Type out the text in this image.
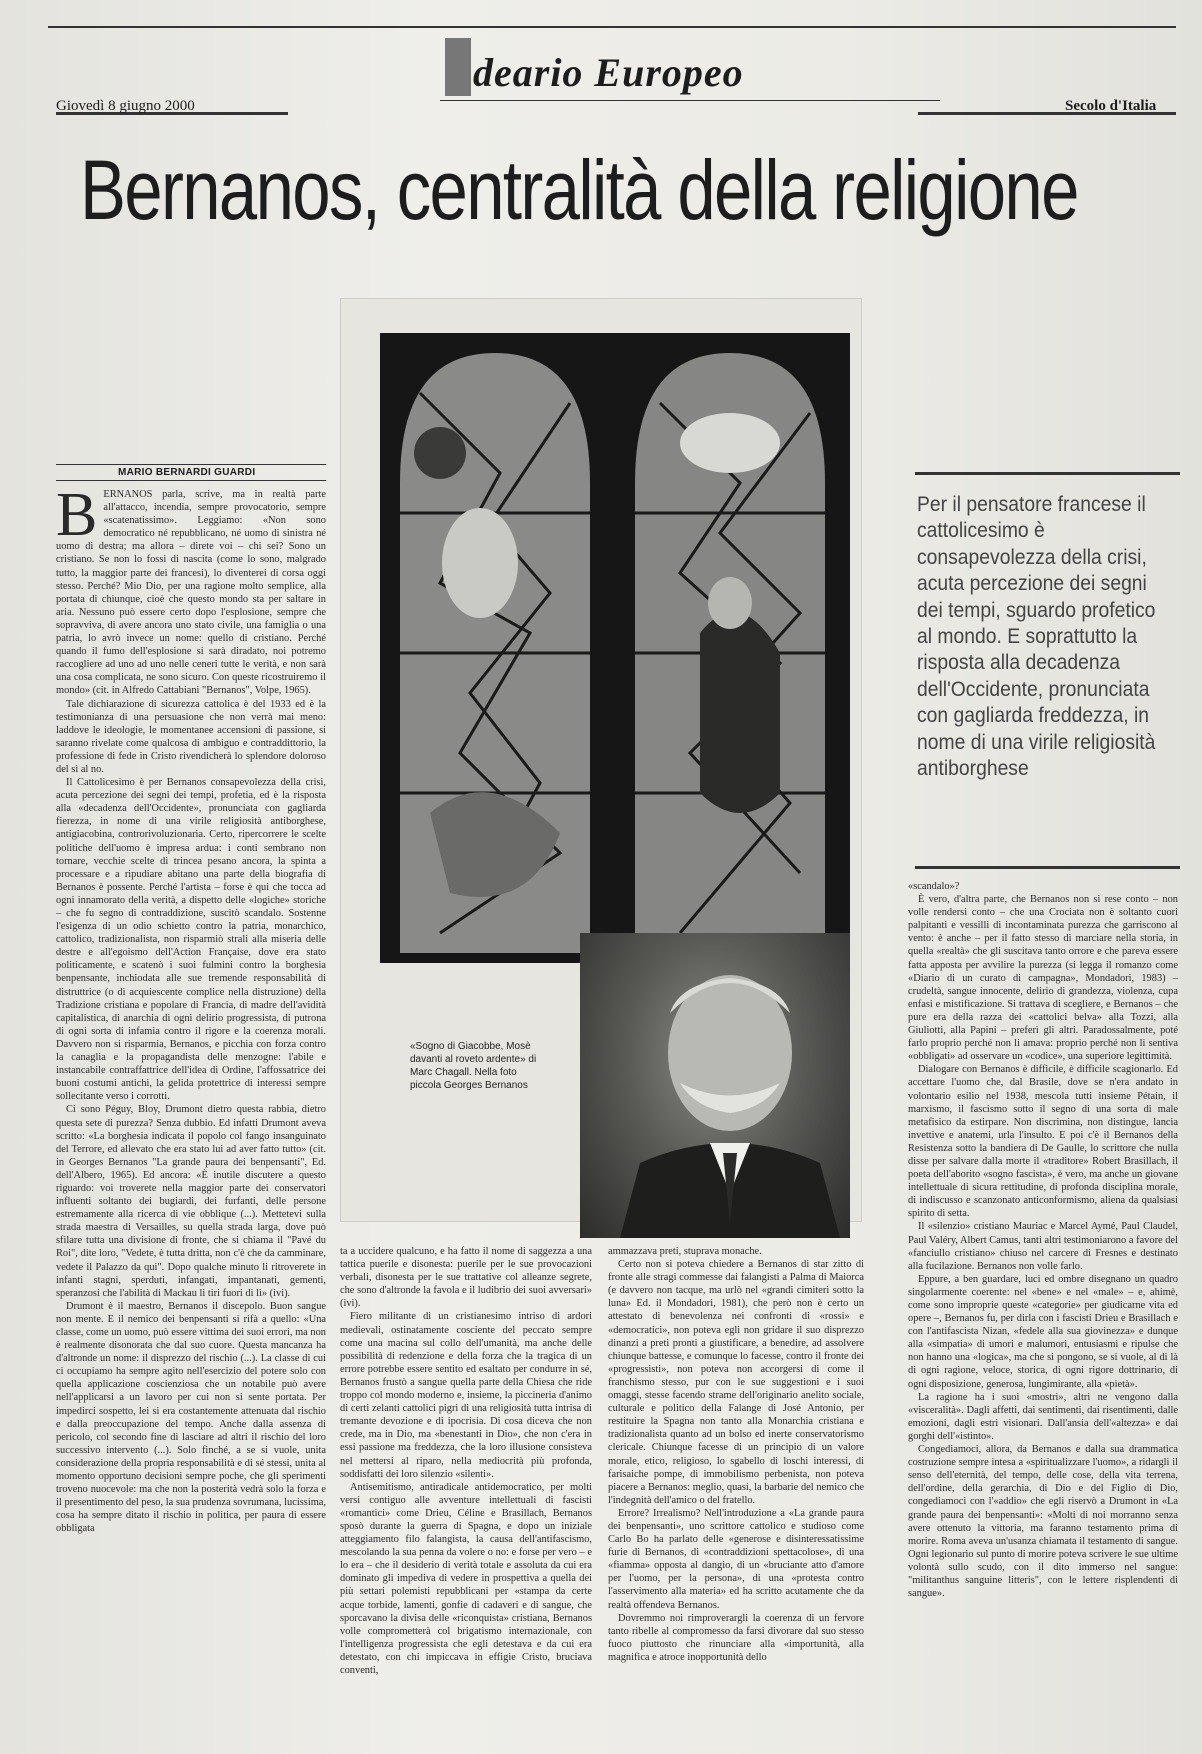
deario Europeo
Giovedì 8 giugno 2000	Secolo d'Italia
Bernanos, centralità della religione
MARIO BERNARDI GUARDI
B ERNANOS parla, scrive, ma in realtà parte all'attacco, incendia, sempre provocatorio, sempre «scatenatissimo». Leggiamo: «Non sono democratico né repubblicano, né uomo di sinistra né uomo di destra; ma allora – direte voi – chi sei? Sono un cristiano. Se non lo fossi di nascita (come lo sono, malgrado tutto, la maggior parte dei francesi), lo diventerei di corsa oggi stesso. Perché? Mio Dio, per una ragione molto semplice, alla portata di chiunque, cioè che questo mondo sta per saltare in aria. Nessuno può essere certo dopo l'esplosione, sempre che sopravviva, di avere ancora uno stato civile, una famiglia o una patria, lo avrò invece un nome: quello di cristiano. Perché quando il fumo dell'esplosione si sarà diradato, noi potremo raccogliere ad uno ad uno nelle ceneri tutte le verità, e non sarà una cosa complicata, ne sono sicuro. Con queste ricostruiremo il mondo» (cit. in Alfredo Cattabiani "Bernanos", Volpe, 1965).

Tale dichiarazione di sicurezza cattolica è del 1933 ed è la testimonianza di una persuasione che non verrà mai meno: laddove le ideologie, le momentanee accensioni di passione, si saranno rivelate come qualcosa di ambiguo e contraddittorio, la professione di fede in Cristo rivendicherà lo splendore doloroso del sì al no.

Il Cattolicesimo è per Bernanos consapevolezza della crisi, acuta percezione dei segni dei tempi, profetia, ed è la risposta alla «decadenza dell'Occidente», pronunciata con gagliarda fierezza, in nome di una virile religiosità antiborghese, antigiacobina, controrivoluzionaria. Certo, ripercorrere le scelte politiche dell'uomo è impresa ardua: i conti sembrano non tornare, vecchie scelte di trincea pesano ancora, la spinta a processare e a ripudiare abitano una parte della biografia di Bernanos è possente. Perché l'artista – forse è qui che tocca ad ogni innamorato della verità, a dispetto delle «logiche» storiche – che fu segno di contraddizione, suscitò scandalo. Sostenne l'esigenza di un odio schietto contro la patria, monarchico, cattolico, tradizionalista, non risparmiò strali alla miseria delle destre e all'egoismo dell'Action Française, dove era stato politicamente, e scatenò i suoi fulmini contro la borghesia benpensante, inchiodata alle sue tremende responsabilità di distruttrice (o di acquiescente complice nella distruzione) della Tradizione cristiana e popolare di Francia, di madre dell'avidità capitalistica, di anarchia di ogni delirio progressista, di putrona di ogni sorta di infamia contro il rigore e la coerenza morali. Davvero non si risparmia, Bernanos, e picchia con forza contro la canaglia e la propagandista delle menzogne: l'abile e instancabile contraffattrice dell'idea di Ordine, l'affossatrice dei buoni costumi antichi, la gelida protettrice di interessi sempre sollecitante verso i corrotti.

Ci sono Péguy, Bloy, Drumont dietro questa rabbia, dietro questa sete di purezza? Senza dubbio. Ed infatti Drumont aveva scritto: «La borghesia indicata il popolo col fango insanguinato del Terrore, ed allevato che era stato lui ad aver fatto tutto» (cit. in Georges Bernanos "La grande paura dei benpensanti", Ed. dell'Albero, 1965). Ed ancora: «È inutile discutere a questo riguardo: voi troverete nella maggior parte dei conservatori influenti soltanto dei bugiardi, dei furfanti, delle persone estremamente alla ricerca di vie obblique (...). Mettetevi sulla strada maestra di Versailles, su quella strada larga, dove può sfilare tutta una divisione di fronte, che si chiama il "Pavé du Roi", dite loro, "Vedete, è tutta dritta, non c'è che da camminare, vedete il Palazzo da qui". Dopo qualche minuto li ritroverete in infanti stagni, sperduti, infangati, impantanati, gementi, speranzosi che l'abilità di Mackau li tiri fuori di lì» (ivi).

Drumont è il maestro, Bernanos il discepolo. Buon sangue non mente. E il nemico dei benpensanti si rifà a quello: «Una classe, come un uomo, può essere vittima dei suoi errori, ma non è realmente disonorata che dal suo cuore. Questa mancanza ha d'altronde un nome: il disprezzo del rischio (...). La classe di cui ci occupiamo ha sempre agito nell'esercizio del potere solo con quella applicazione coscienziosa che un notabile può avere nell'applicarsi a un lavoro per cui non si sente portata. Per impedirci sospetto, lei si era costantemente attenuata dal rischio e dalla preoccupazione del tempo. Anche dalla assenza di pericolo, col secondo fine di lasciare ad altri il rischio del loro successivo intervento (...). Solo finché, a se si vuole, unita considerazione della propria responsabilità e di sé stessi, unita al momento opportuno decisioni sempre poche, che gli sperimenti troveno nuocevole: ma che non la posterità vedrà solo la forza e il presentimento del peso, la sua prudenza sovrumana, lucissima, cosa ha sempre ditato il rischio in politica, per paura di essere obbligata

«Sogno di Giacobbe, Mosè davanti al roveto ardente» di Marc Chagall. Nella foto piccola Georges Bernanos
Per il pensatore francese il cattolicesimo è consapevolezza della crisi, acuta percezione dei segni dei tempi, sguardo profetico al mondo. E soprattutto la risposta alla decadenza dell'Occidente, pronunciata con gagliarda freddezza, in nome di una virile religiosità antiborghese

ta a uccidere qualcuno, e ha fatto il nome di saggezza a una tattica puerile e disonesta: puerile per le sue provocazioni verbali, disonesta per le sue trattative col alleanze segrete, che sono d'altronde la favola e il ludibrio dei suoi avversari» (ivi).

Fiero militante di un cristianesimo intriso di ardori medievali, ostinatamente cosciente del peccato sempre come una macina sul collo dell'umanità, ma anche delle possibilità di redenzione e della forza che la tragica di un errore potrebbe essere sentito ed esaltato per condurre in sé, Bernanos frustò a sangue quella parte della Chiesa che ride troppo col mondo moderno e, insieme, la piccineria d'animo di certi zelanti cattolici pigri di una religiosità tutta intrisa di tremante devozione e di ipocrisia. Di cosa diceva che non crede, ma in Dio, ma «benestanti in Dio», che non c'era in essi passione ma freddezza, che la loro illusione consisteva nel mettersi al riparo, nella mediocrità più profonda, soddisfatti dei loro silenzio «silenti».

Antisemitismo, antiradicale antidemocratico, per molti versi contiguo alle avventure intellettuali di fascisti «romantici» come Drieu, Céline e Brasillach, Bernanos sposò durante la guerra di Spagna, e dopo un iniziale atteggiamento filo falangista, la causa dell'antifascismo, mescolando la sua penna da volere o no: e forse per vero – e lo era – che il desiderio di verità totale e assoluta da cui era dominato gli impediva di vedere in prospettiva a quella dei più settari polemisti repubblicani per «stampa da certe acque torbide, lamenti, gonfie di cadaveri e di sangue, che sporcavano la divisa delle «riconquista» cristiana, Bernanos volle comprometterà col brigatismo internazionale, con l'intelligenza progressista che egli detestava e da cui era detestato, con chi impiccava in effigie Cristo, bruciava conventi,

ammazzava preti, stuprava monache.

Certo non si poteva chiedere a Bernanos di star zitto di fronte alle stragi commesse dai falangisti a Palma di Maiorca (e davvero non tacque, ma urlò nel «grandi cimiteri sotto la luna» Ed. il Mondadori, 1981), che però non è certo un attestato di benevolenza nei confronti di «rossi» e «democratici», non poteva egli non gridare il suo disprezzo dinanzi a preti pronti a giustificare, a benedire, ad assolvere chiunque battesse, e comunque lo facesse, contro il fronte dei «progressisti», non poteva non accorgersi di come il franchismo stesso, pur con le sue suggestioni e i suoi omaggi, stesse facendo strame dell'originario anelito sociale, culturale e politico della Falange di José Antonio, per restituire la Spagna non tanto alla Monarchia cristiana e tradizionalista quanto ad un bolso ed inerte conservatorismo clericale. Chiunque facesse di un principio di un valore morale, etico, religioso, lo sgabello di loschi interessi, di farisaiche pompe, di immobilismo perbenista, non poteva piacere a Bernanos: meglio, quasi, la barbarie del nemico che l'indegnità dell'amico o del fratello.

Errore? Irrealismo? Nell'introduzione a «La grande paura dei benpensanti», uno scrittore cattolico e studioso come Carlo Bo ha parlato delle «generose e disinteressatissime furie di Bernanos, di «contraddizioni spettacolose», di una «fiamma» opposta al dangio, di un «bruciante atto d'amore per l'uomo, per la persona», di una «protesta contro l'asservimento alla materia» ed ha scritto acutamente che da realtà offendeva Bernanos.

Dovremmo noi rimproverargli la coerenza di un fervore tanto ribelle al compromesso da farsi divorare dal suo stesso fuoco piuttosto che rinunciare alla «importunità, alla magnifica e atroce inopportunità dello

«scandalo»?

È vero, d'altra parte, che Bernanos non si rese conto – non volle rendersi conto – che una Crociata non è soltanto cuori palpitanti e vessilli di incontaminata purezza che garriscono al vento: è anche – per il fatto stesso di marciare nella storia, in quella «realtà» che gli suscitava tanto orrore e che pareva essere fatta apposta per avvilire la purezza (si legga il romanzo come «Diario di un curato di campagna», Mondadori, 1983) – crudeltà, sangue innocente, delirio di grandezza, violenza, cupa enfasi e mistificazione. Si trattava di scegliere, e Bernanos – che pure era della razza dei «cattolici belva» alla Tozzi, alla Giuliotti, alla Papini – preferì gli altri. Paradossalmente, poté farlo proprio perché non li amava: proprio perché non li sentiva «obbligati» ad osservare un «codice», una superiore legittimità.

Dialogare con Bernanos è difficile, è difficile scagionarlo. Ed accettare l'uomo che, dal Brasile, dove se n'era andato in volontario esilio nel 1938, mescola tutti insieme Pétain, il marxismo, il fascismo sotto il segno di una sorta di male metafisico da estirpare. Non discrimina, non distingue, lancia invettive e anatemi, urla l'insulto. E poi c'è il Bernanos della Resistenza sotto la bandiera di De Gaulle, lo scrittore che nulla disse per salvare dalla morte il «traditore» Robert Brasillach, il poeta dell'aborito «sogno fascista», è vero, ma anche un giovane intellettuale di sicura rettitudine, di profonda disciplina morale, di indiscusso e scanzonato anticonformismo, aliena da qualsiasi spirito di setta.

Il «silenzio» cristiano Mauriac e Marcel Aymé, Paul Claudel, Paul Valéry, Albert Camus, tanti altri testimoniarono a favore del «fanciullo cristiano» chiuso nel carcere di Fresnes e destinato alla fucilazione. Bernanos non volle farlo.

Eppure, a ben guardare, luci ed ombre disegnano un quadro singolarmente coerente: nel «bene» e nel «male» – e, ahimè, come sono improprie queste «categorie» per giudicarne vita ed opere –, Bernanos fu, per dirla con i fascisti Drieu e Brasillach e con l'antifascista Nizan, «fedele alla sua giovinezza» e dunque alla «simpatia» di umori e malumori, entusiasmi e ripulse che non hanno una «logica», ma che si pongono, se si vuole, al di là di ogni ragione, veloce, storica, di ogni rigore dottrinario, di ogni disposizione, generosa, lungimirante, alla «pietà».

La ragione ha i suoi «mostri», altri ne vengono dalla «visceralità». Dagli affetti, dai sentimenti, dai risentimenti, dalle emozioni, dagli estri visionari. Dall'ansia dell'«altezza» e dai gorghi dell'«istinto».

Congediamoci, allora, da Bernanos e dalla sua drammatica costruzione sempre intesa a «spiritualizzare l'uomo», a ridargli il senso dell'eternità, del tempo, delle cose, della vita terrena, dell'ordine, della gerarchia, di Dio e del Figlio di Dio, congediamoci con l'«addio» che egli riservò a Drumont in «La grande paura dei benpensanti»: «Molti di noi morranno senza avere ottenuto la vittoria, ma faranno testamento prima di morire. Roma aveva un'usanza chiamata il testamento di sangue. Ogni legionario sul punto di morire poteva scrivere le sue ultime volontà sullo scudo, con il dito immerso nel sangue: "militanthus sanguine litteris", con le lettere risplendenti di sangue».
